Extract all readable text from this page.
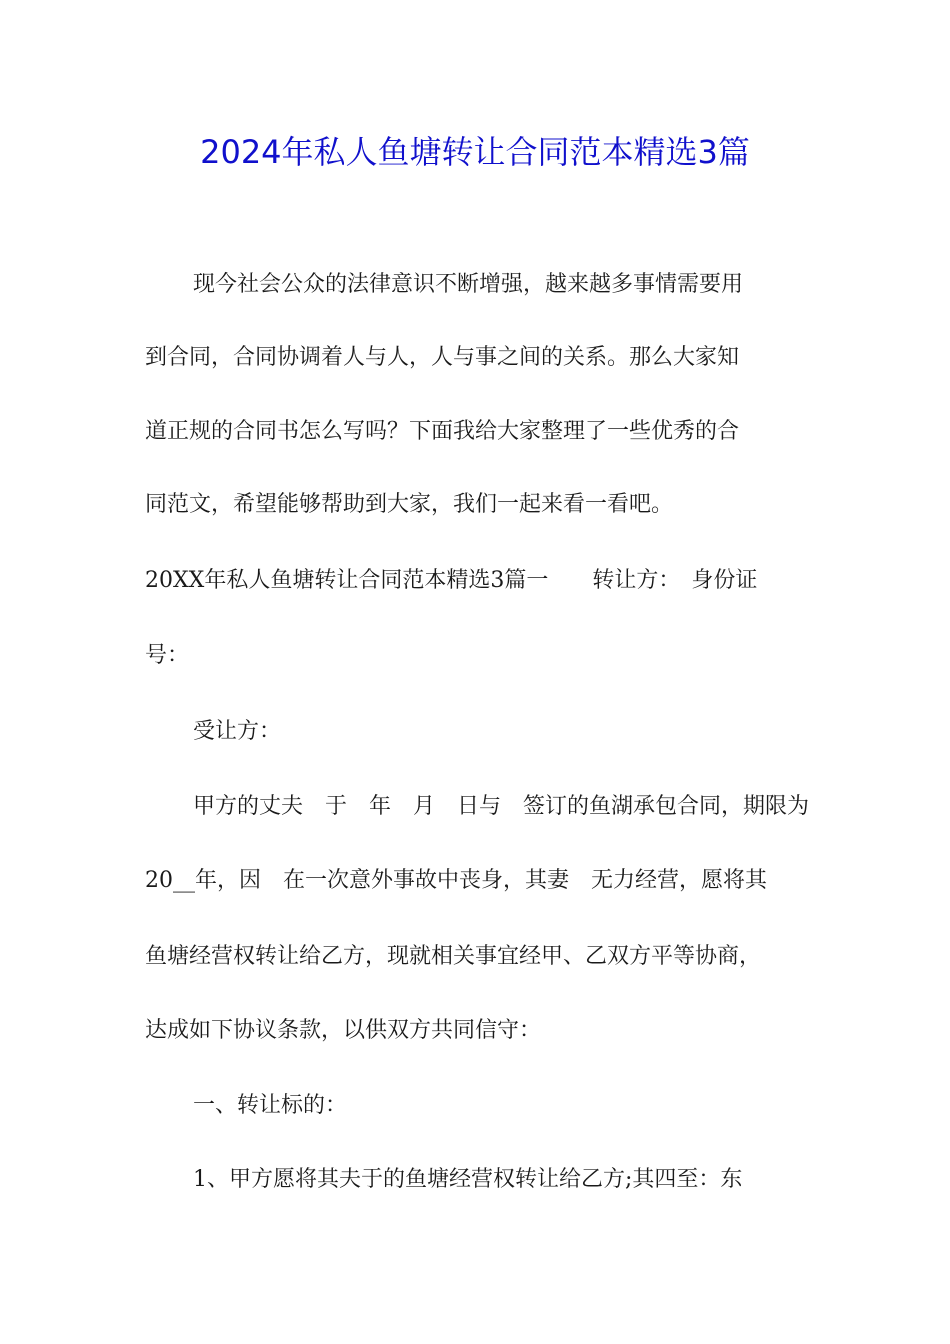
2024年私人鱼塘转让合同范本精选3篇

现今社会公众的法律意识不断增强，越来越多事情需要用

到合同，合同协调着人与人，人与事之间的关系。那么大家知

道正规的合同书怎么写吗？下面我给大家整理了一些优秀的合

同范文，希望能够帮助到大家，我们一起来看一看吧。

20XX年私人鱼塘转让合同范本精选3篇一　　转让方：　身份证

号：

受让方：

甲方的丈夫　于　年　月　日与　签订的鱼湖承包合同，期限为

20__年，因　在一次意外事故中丧身，其妻　无力经营，愿将其

鱼塘经营权转让给乙方，现就相关事宜经甲、乙双方平等协商，

达成如下协议条款，以供双方共同信守：

一、转让标的：

1、甲方愿将其夫于的鱼塘经营权转让给乙方;其四至：东
